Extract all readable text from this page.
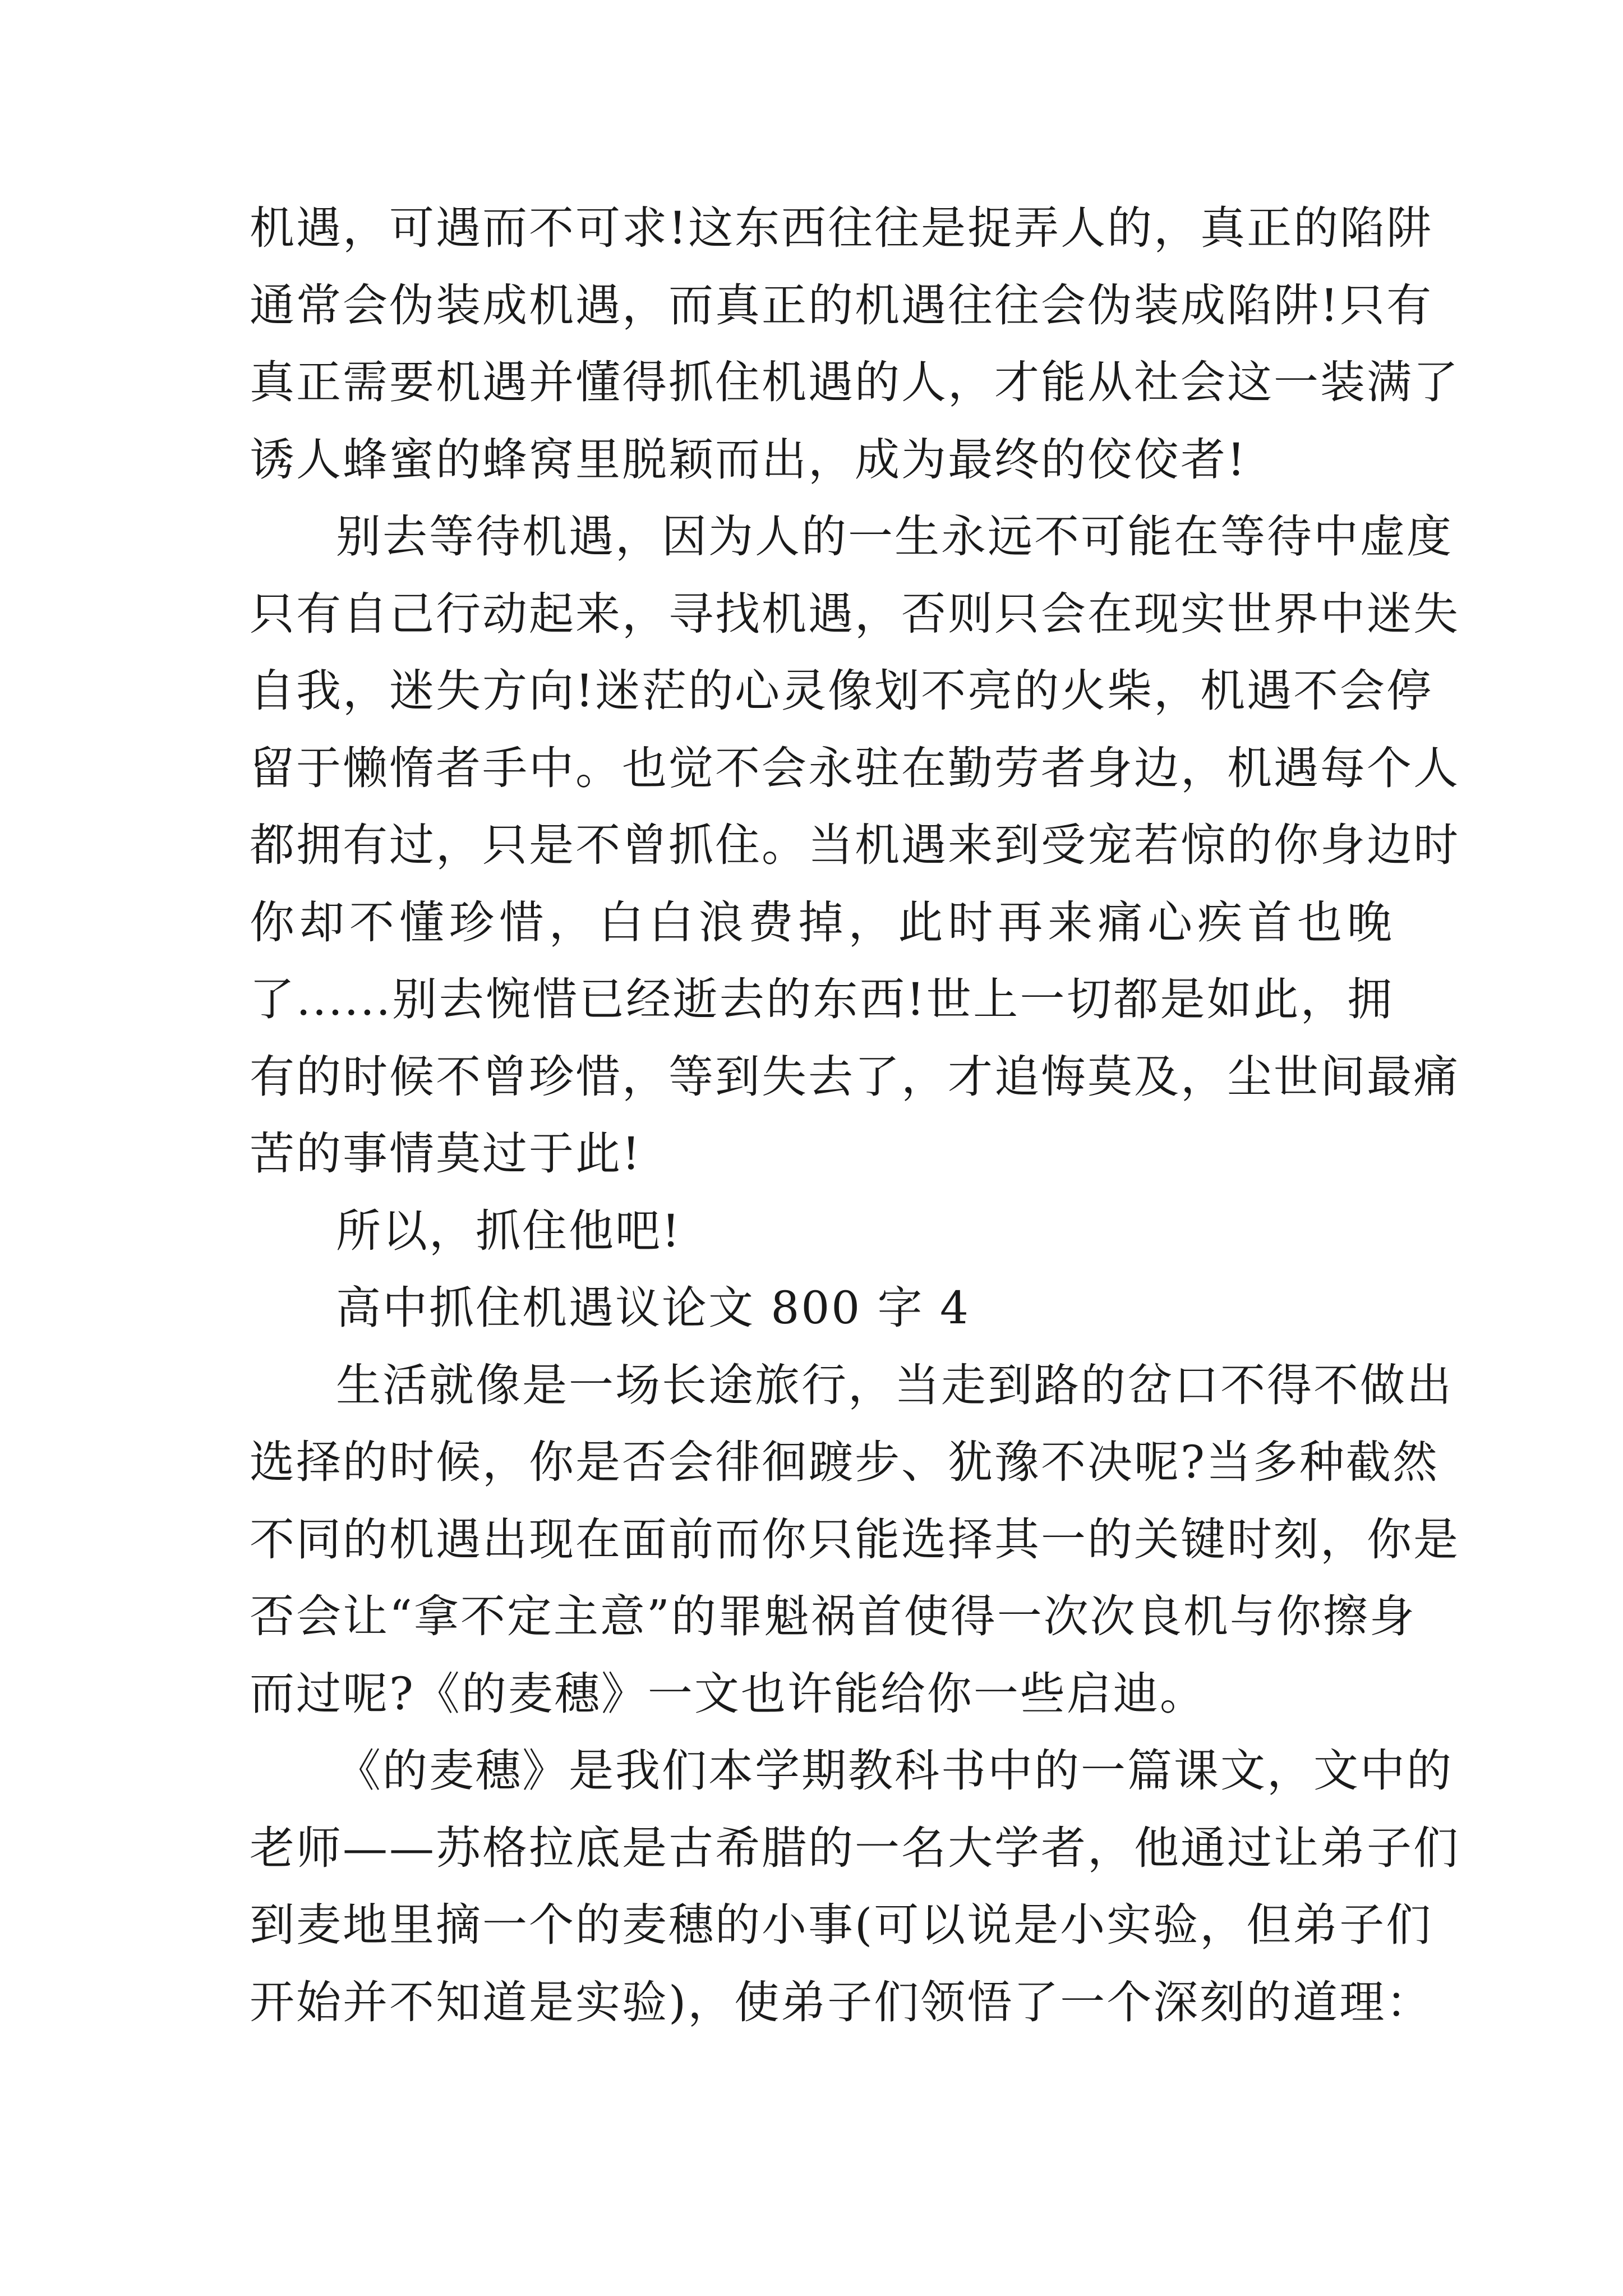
机遇，可遇而不可求!这东西往往是捉弄人的，真正的陷阱
通常会伪装成机遇，而真正的机遇往往会伪装成陷阱!只有
真正需要机遇并懂得抓住机遇的人，才能从社会这一装满了
诱人蜂蜜的蜂窝里脱颖而出，成为最终的佼佼者!

别去等待机遇，因为人的一生永远不可能在等待中虚度
只有自己行动起来，寻找机遇，否则只会在现实世界中迷失
自我，迷失方向!迷茫的心灵像划不亮的火柴，机遇不会停
留于懒惰者手中。也觉不会永驻在勤劳者身边，机遇每个人
都拥有过，只是不曾抓住。当机遇来到受宠若惊的你身边时
你却不懂珍惜，白白浪费掉，此时再来痛心疾首也晚
了......别去惋惜已经逝去的东西!世上一切都是如此，拥
有的时候不曾珍惜，等到失去了，才追悔莫及，尘世间最痛
苦的事情莫过于此!

所以，抓住他吧!

高中抓住机遇议论文 800 字 4

生活就像是一场长途旅行，当走到路的岔口不得不做出
选择的时候，你是否会徘徊踱步、犹豫不决呢?当多种截然
不同的机遇出现在面前而你只能选择其一的关键时刻，你是
否会让“拿不定主意”的罪魁祸首使得一次次良机与你擦身
而过呢?《的麦穗》一文也许能给你一些启迪。

《的麦穗》是我们本学期教科书中的一篇课文，文中的
老师——苏格拉底是古希腊的一名大学者，他通过让弟子们
到麦地里摘一个的麦穗的小事(可以说是小实验，但弟子们
开始并不知道是实验)，使弟子们领悟了一个深刻的道理：
